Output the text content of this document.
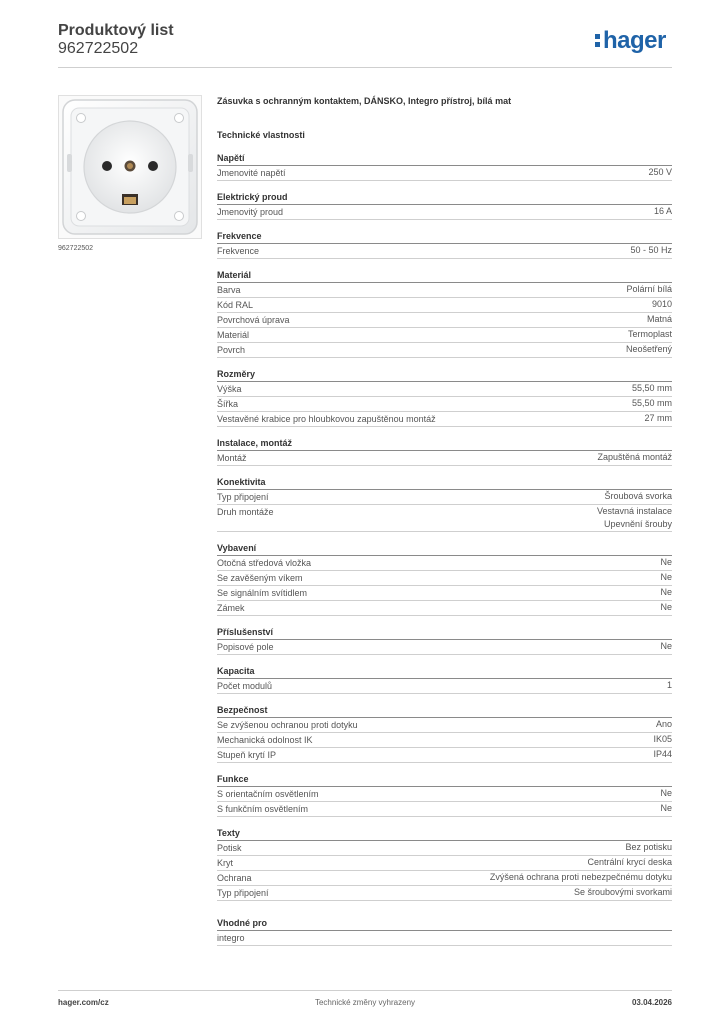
Produktový list
962722502	hager
962722502
Zásuvka s ochranným kontaktem, DÁNSKO, Integro přístroj, bílá mat
Technické vlastnosti
Napětí
Jmenovité napětí	250 V
Elektrický proud
Jmenovitý proud	16 A
Frekvence
Frekvence	50 - 50 Hz
Materiál
Barva	Polární bílá
Kód RAL	9010
Povrchová úprava	Matná
Materiál	Termoplast
Povrch	Neošetřený
Rozměry
Výška	55,50 mm
Šířka	55,50 mm
Vestavěné krabice pro hloubkovou zapuštěnou montáž	27 mm
Instalace, montáž
Montáž	Zapuštěná montáž
Konektivita
Typ připojení	Šroubová svorka
Druh montáže	Vestavná instalace
Upevnění šrouby
Vybavení
Otočná středová vložka	Ne
Se zavěšeným víkem	Ne
Se signálním svítidlem	Ne
Zámek	Ne
Příslušenství
Popisové pole	Ne
Kapacita
Počet modulů	1
Bezpečnost
Se zvýšenou ochranou proti dotyku	Ano
Mechanická odolnost IK	IK05
Stupeň krytí IP	IP44
Funkce
S orientačním osvětlením	Ne
S funkčním osvětlením	Ne
Texty
Potisk	Bez potisku
Kryt	Centrální krycí deska
Ochrana	Zvýšená ochrana proti nebezpečnému dotyku
Typ připojení	Se šroubovými svorkami
Vhodné pro
integro
hager.com/cz	Technické změny vyhrazeny	03.04.2026
